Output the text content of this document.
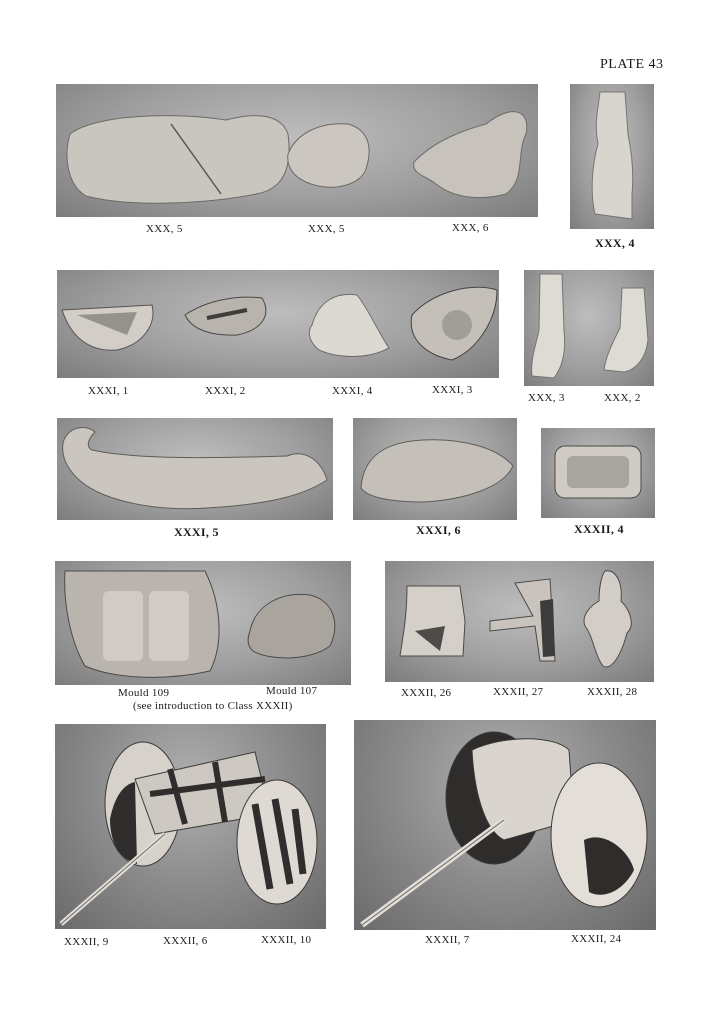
PLATE 43
XXX, 5	XXX, 5	XXX, 6
XXX, 4
XXXI, 1	XXXI, 2	XXXI, 4	XXXI, 3
XXX, 3	XXX, 2
XXXI, 5	XXXI, 6	XXXII, 4
Mould 109	Mould 107
(see introduction to Class XXXII)
XXXII, 26	XXXII, 27	XXXII, 28
XXXII, 9	XXXII, 6	XXXII, 10	XXXII, 7	XXXII, 24
